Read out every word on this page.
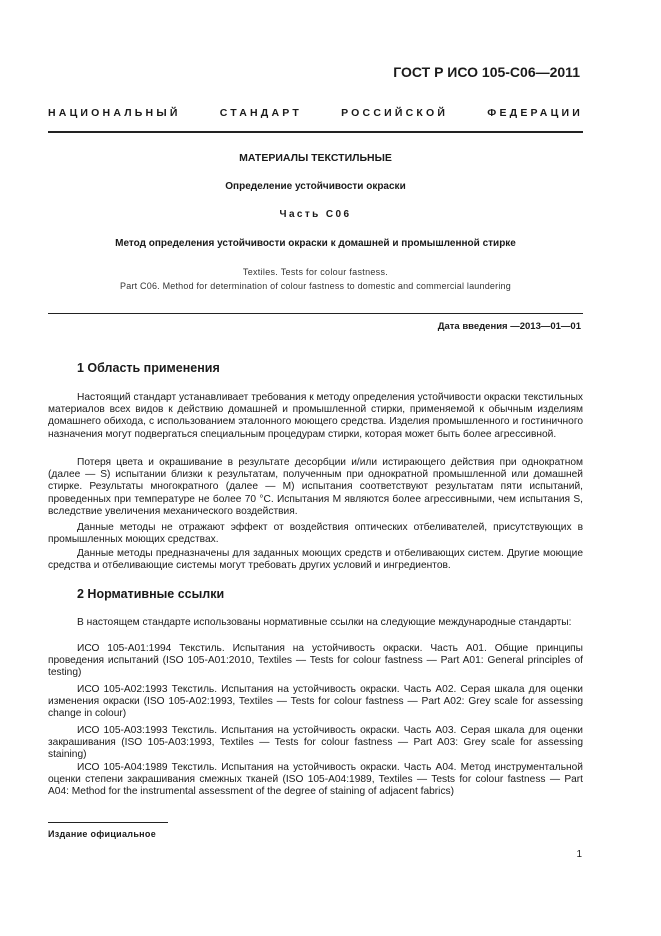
ГОСТ Р ИСО 105-С06—2011
НАЦИОНАЛЬНЫЙ	СТАНДАРТ	РОССИЙСКОЙ	ФЕДЕРАЦИИ
МАТЕРИАЛЫ ТЕКСТИЛЬНЫЕ
Определение устойчивости окраски
Часть С06
Метод определения устойчивости окраски к домашней и промышленной стирке
Textiles. Tests for colour fastness.
Part C06. Method for determination of colour fastness to domestic and commercial laundering
Дата введения —2013—01—01
1 Область применения

Настоящий стандарт устанавливает требования к методу определения устойчивости окраски текстильных материалов всех видов к действию домашней и промышленной стирки, применяемой к обычным изделиям домашнего обихода, с использованием эталонного моющего средства. Изделия промышленного и гостиничного назначения могут подвергаться специальным процедурам стирки, которая может быть более агрессивной.

Потеря цвета и окрашивание в результате десорбции и/или истирающего действия при однократном (далее — S) испытании близки к результатам, полученным при однократной промышленной или домашней стирке. Результаты многократного (далее — М) испытания соответствуют результатам пяти испытаний, проведенных при температуре не более 70 °С. Испытания М являются более агрессивными, чем испытания S, вследствие увеличения механического воздействия.

Данные методы не отражают эффект от воздействия оптических отбеливателей, присутствующих в промышленных моющих средствах.

Данные методы предназначены для заданных моющих средств и отбеливающих систем. Другие моющие средства и отбеливающие системы могут требовать других условий и ингредиентов.

2 Нормативные ссылки

В настоящем стандарте использованы нормативные ссылки на следующие международные стандарты:

ИСО 105-А01:1994 Текстиль. Испытания на устойчивость окраски. Часть А01. Общие принципы проведения испытаний (ISO 105-A01:2010, Textiles — Tests for colour fastness — Part A01: General principles of testing)

ИСО 105-А02:1993 Текстиль. Испытания на устойчивость окраски. Часть А02. Серая шкала для оценки изменения окраски (ISO 105-A02:1993, Textiles — Tests for colour fastness — Part A02: Grey scale for assessing change in colour)

ИСО 105-А03:1993 Текстиль. Испытания на устойчивость окраски. Часть А03. Серая шкала для оценки закрашивания (ISO 105-A03:1993, Textiles — Tests for colour fastness — Part A03: Grey scale for assessing staining)

ИСО 105-А04:1989 Текстиль. Испытания на устойчивость окраски. Часть А04. Метод инструментальной оценки степени закрашивания смежных тканей (ISO 105-A04:1989, Textiles — Tests for colour fastness — Part A04: Method for the instrumental assessment of the degree of staining of adjacent fabrics)

Издание официальное
1
